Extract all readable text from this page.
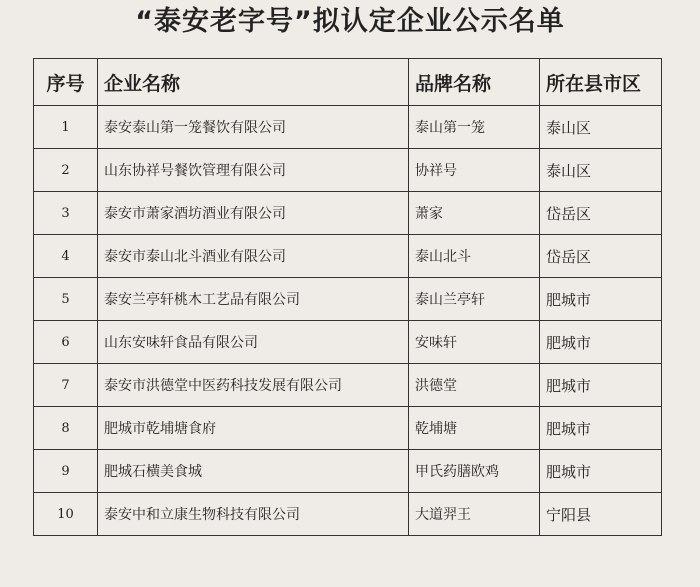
“泰安老字号”拟认定企业公示名单
序号	企业名称	品牌名称	所在县市区
1	泰安泰山第一笼餐饮有限公司	泰山第一笼	泰山区
2	山东协祥号餐饮管理有限公司	协祥号	泰山区
3	泰安市萧家酒坊酒业有限公司	萧家	岱岳区
4	泰安市泰山北斗酒业有限公司	泰山北斗	岱岳区
5	泰安兰亭轩桃木工艺品有限公司	泰山兰亭轩	肥城市
6	山东安味轩食品有限公司	安味轩	肥城市
7	泰安市洪德堂中医药科技发展有限公司	洪德堂	肥城市
8	肥城市乾埔塘食府	乾埔塘	肥城市
9	肥城石横美食城	甲氏药膳欧鸡	肥城市
10	泰安中和立康生物科技有限公司	大道羿王	宁阳县
